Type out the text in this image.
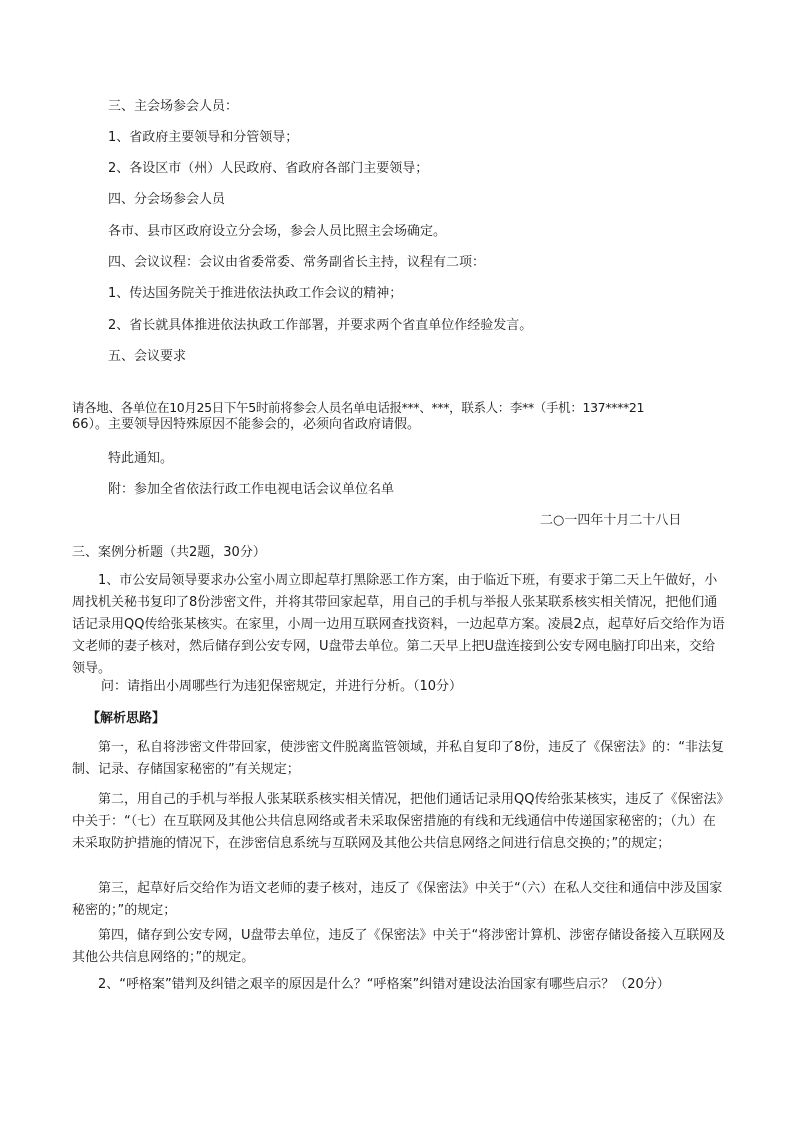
三、主会场参会人员：
1、省政府主要领导和分管领导；
2、各设区市（州）人民政府、省政府各部门主要领导；
四、分会场参会人员
各市、县市区政府设立分会场，参会人员比照主会场确定。
四、会议议程：会议由省委常委、常务副省长主持，议程有二项：
1、传达国务院关于推进依法执政工作会议的精神；
2、省长就具体推进依法执政工作部署，并要求两个省直单位作经验发言。
五、会议要求
请各地、各单位在10月25日下午5时前将参会人员名单电话报***、***，联系人：李**（手机：137****21
66）。主要领导因特殊原因不能参会的，必须向省政府请假。
特此通知。
附：参加全省依法行政工作电视电话会议单位名单
二○一四年十月二十八日
三、案例分析题（共2题，30分）
1、市公安局领导要求办公室小周立即起草打黑除恶工作方案，由于临近下班，有要求于第二天上午做好，小周找机关秘书复印了8份涉密文件，并将其带回家起草，用自己的手机与举报人张某联系核实相关情况，把他们通话记录用QQ传给张某核实。在家里，小周一边用互联网查找资料，一边起草方案。凌晨2点，起草好后交给作为语文老师的妻子核对，然后储存到公安专网，U盘带去单位。第二天早上把U盘连接到公安专网电脑打印出来，交给领导。
问：请指出小周哪些行为违犯保密规定，并进行分析。（10分）
【解析思路】
第一，私自将涉密文件带回家，使涉密文件脱离监管领域，并私自复印了8份，违反了《保密法》的：“非法复制、记录、存储国家秘密的”有关规定；
第二，用自己的手机与举报人张某联系核实相关情况，把他们通话记录用QQ传给张某核实，违反了《保密法》中关于：“（七）在互联网及其他公共信息网络或者未采取保密措施的有线和无线通信中传递国家秘密的；（九）在未采取防护措施的情况下，在涉密信息系统与互联网及其他公共信息网络之间进行信息交换的；”的规定；
第三，起草好后交给作为语文老师的妻子核对，违反了《保密法》中关于“（六）在私人交往和通信中涉及国家秘密的；”的规定；
第四，储存到公安专网，U盘带去单位，违反了《保密法》中关于“将涉密计算机、涉密存储设备接入互联网及其他公共信息网络的；”的规定。
2、“呼格案”错判及纠错之艰辛的原因是什么？“呼格案”纠错对建设法治国家有哪些启示？（20分）
